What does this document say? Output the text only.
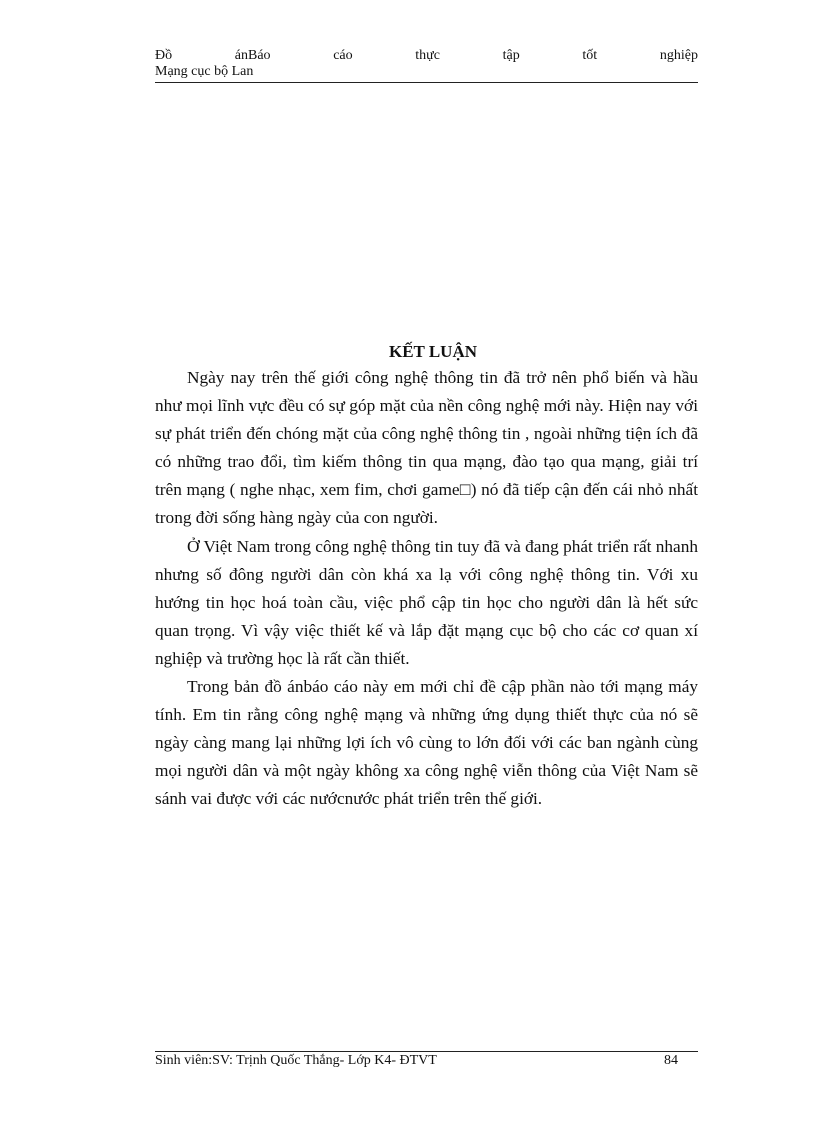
Đồ	ánBáo	cáo	thực	tập	tốt	nghiệp
Mạng cục bộ Lan
KẾT LUẬN

Ngày nay trên thế giới công nghệ thông tin đã trở nên phổ biến và hầu như mọi lĩnh vực đều có sự góp mặt của nền công nghệ mới này. Hiện nay với sự phát triển đến chóng mặt của công nghệ thông tin , ngoài những tiện ích đã có những trao đổi, tìm kiếm thông tin qua mạng, đào tạo qua mạng, giải trí trên mạng ( nghe nhạc, xem fim, chơi game□) nó đã tiếp cận đến cái nhỏ nhất trong đời sống hàng ngày của con người.

Ở Việt Nam trong công nghệ thông tin tuy đã và đang phát triển rất nhanh nhưng số đông người dân còn khá xa lạ với công nghệ thông tin. Với xu hướng tin học hoá toàn cầu, việc phổ cập tin học cho người dân là hết sức quan trọng. Vì vậy việc thiết kế và lắp đặt mạng cục bộ cho các cơ quan xí nghiệp và trường học là rất cần thiết.

Trong bản đồ ánbáo cáo này em mới chỉ đề cập phần nào tới mạng máy tính. Em tin rằng công nghệ mạng và những ứng dụng thiết thực của nó sẽ ngày càng mang lại những lợi ích vô cùng to lớn đối với các ban ngành cùng mọi người dân và một ngày không xa công nghệ viễn thông của Việt Nam sẽ sánh vai được với các nướcnước phát triển trên thế giới.

Sinh viên:SV: Trịnh Quốc Thắng- Lớp K4- ĐTVT	84
